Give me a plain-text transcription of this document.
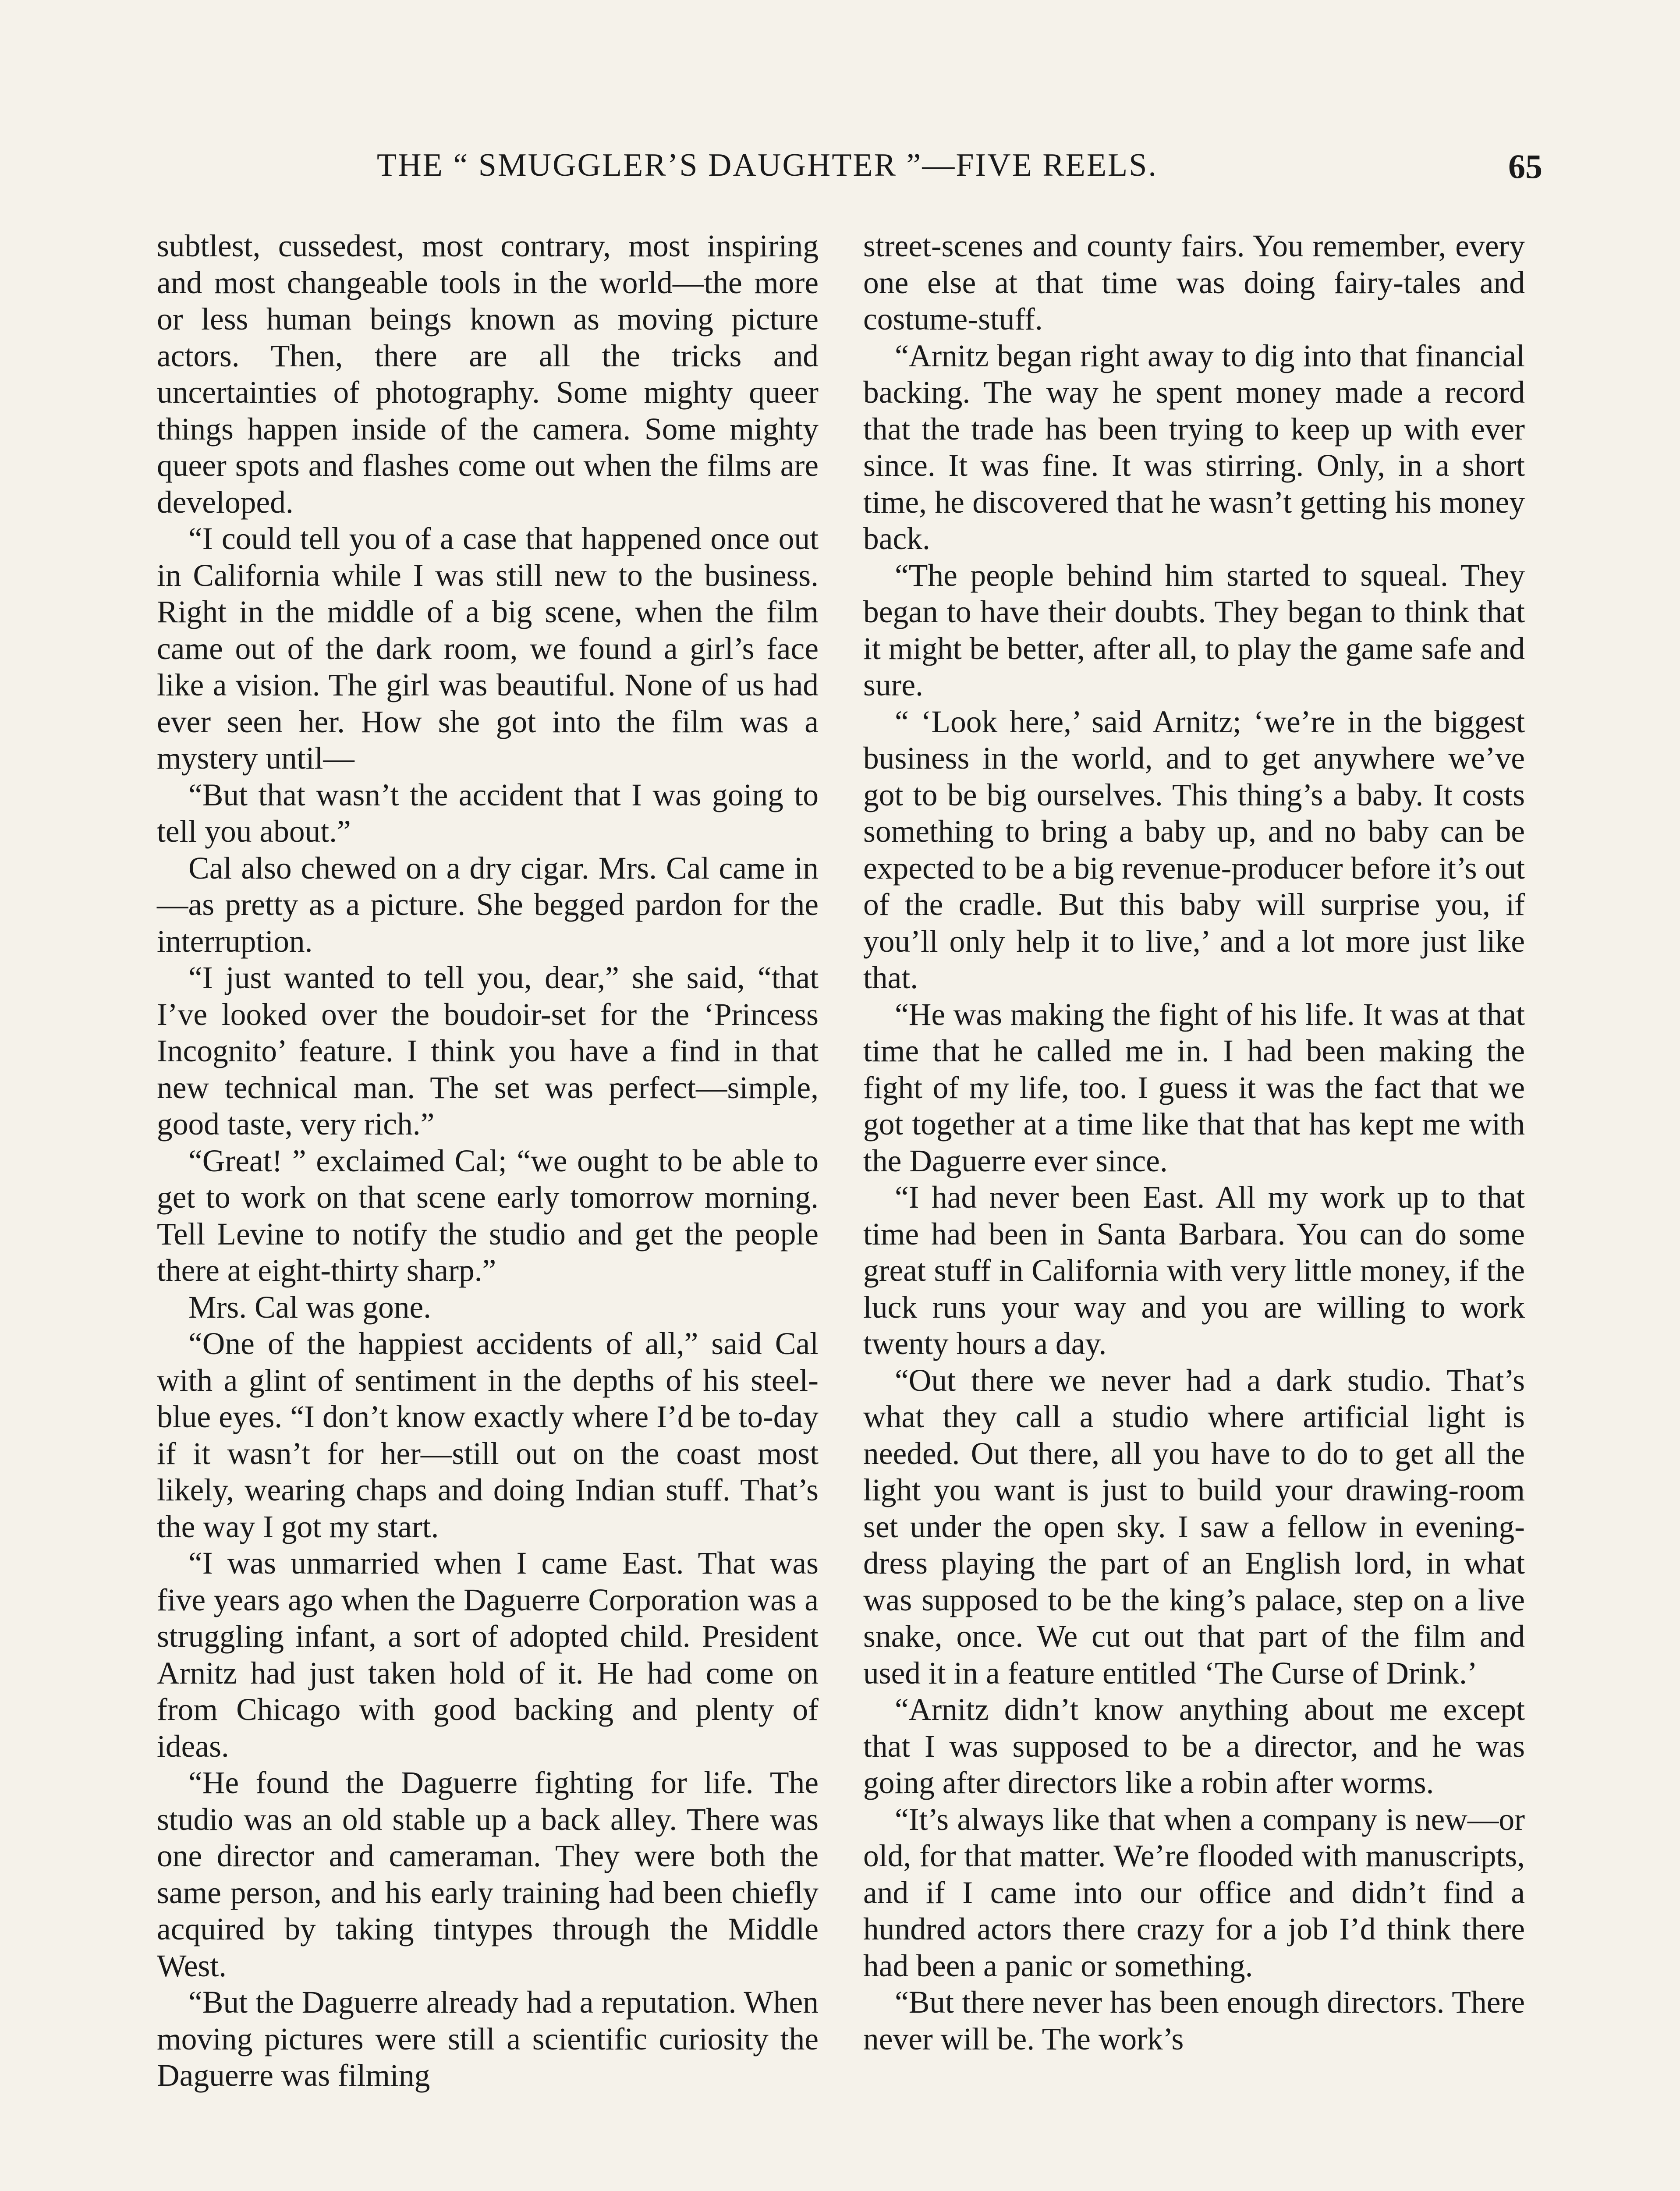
THE “ SMUGGLER’S DAUGHTER ”—FIVE REELS.	65

subtlest, cussedest, most contrary, most inspiring and most changeable tools in the world—the more or less human beings known as moving picture actors. Then, there are all the tricks and uncertainties of photography. Some mighty queer things happen inside of the camera. Some mighty queer spots and flashes come out when the films are developed.

“I could tell you of a case that happened once out in California while I was still new to the business. Right in the middle of a big scene, when the film came out of the dark room, we found a girl’s face like a vision. The girl was beautiful. None of us had ever seen her. How she got into the film was a mystery until—

“But that wasn’t the accident that I was going to tell you about.”

Cal also chewed on a dry cigar. Mrs. Cal came in—as pretty as a picture. She begged pardon for the interruption.

“I just wanted to tell you, dear,” she said, “that I’ve looked over the boudoir-set for the ‘Princess Incognito’ feature. I think you have a find in that new technical man. The set was perfect—simple, good taste, very rich.”

“Great! ” exclaimed Cal; “we ought to be able to get to work on that scene early tomorrow morning. Tell Levine to notify the studio and get the people there at eight-thirty sharp.”

Mrs. Cal was gone.

“One of the happiest accidents of all,” said Cal with a glint of sentiment in the depths of his steel-blue eyes. “I don’t know exactly where I’d be to-day if it wasn’t for her—still out on the coast most likely, wearing chaps and doing Indian stuff. That’s the way I got my start.

“I was unmarried when I came East. That was five years ago when the Daguerre Corporation was a struggling infant, a sort of adopted child. President Arnitz had just taken hold of it. He had come on from Chicago with good backing and plenty of ideas.

“He found the Daguerre fighting for life. The studio was an old stable up a back alley. There was one director and cameraman. They were both the same person, and his early training had been chiefly acquired by taking tintypes through the Middle West.

“But the Daguerre already had a reputation. When moving pictures were still a scientific curiosity the Daguerre was filming

street-scenes and county fairs. You remember, every one else at that time was doing fairy-tales and costume-stuff.

“Arnitz began right away to dig into that financial backing. The way he spent money made a record that the trade has been trying to keep up with ever since. It was fine. It was stirring. Only, in a short time, he discovered that he wasn’t getting his money back.

“The people behind him started to squeal. They began to have their doubts. They began to think that it might be better, after all, to play the game safe and sure.

“ ‘Look here,’ said Arnitz; ‘we’re in the biggest business in the world, and to get anywhere we’ve got to be big ourselves. This thing’s a baby. It costs something to bring a baby up, and no baby can be expected to be a big revenue-producer before it’s out of the cradle. But this baby will surprise you, if you’ll only help it to live,’ and a lot more just like that.

“He was making the fight of his life. It was at that time that he called me in. I had been making the fight of my life, too. I guess it was the fact that we got together at a time like that that has kept me with the Daguerre ever since.

“I had never been East. All my work up to that time had been in Santa Barbara. You can do some great stuff in California with very little money, if the luck runs your way and you are willing to work twenty hours a day.

“Out there we never had a dark studio. That’s what they call a studio where artificial light is needed. Out there, all you have to do to get all the light you want is just to build your drawing-room set under the open sky. I saw a fellow in evening-dress playing the part of an English lord, in what was supposed to be the king’s palace, step on a live snake, once. We cut out that part of the film and used it in a feature entitled ‘The Curse of Drink.’

“Arnitz didn’t know anything about me except that I was supposed to be a director, and he was going after directors like a robin after worms.

“It’s always like that when a company is new—or old, for that matter. We’re flooded with manuscripts, and if I came into our office and didn’t find a hundred actors there crazy for a job I’d think there had been a panic or something.

“But there never has been enough directors. There never will be. The work’s
